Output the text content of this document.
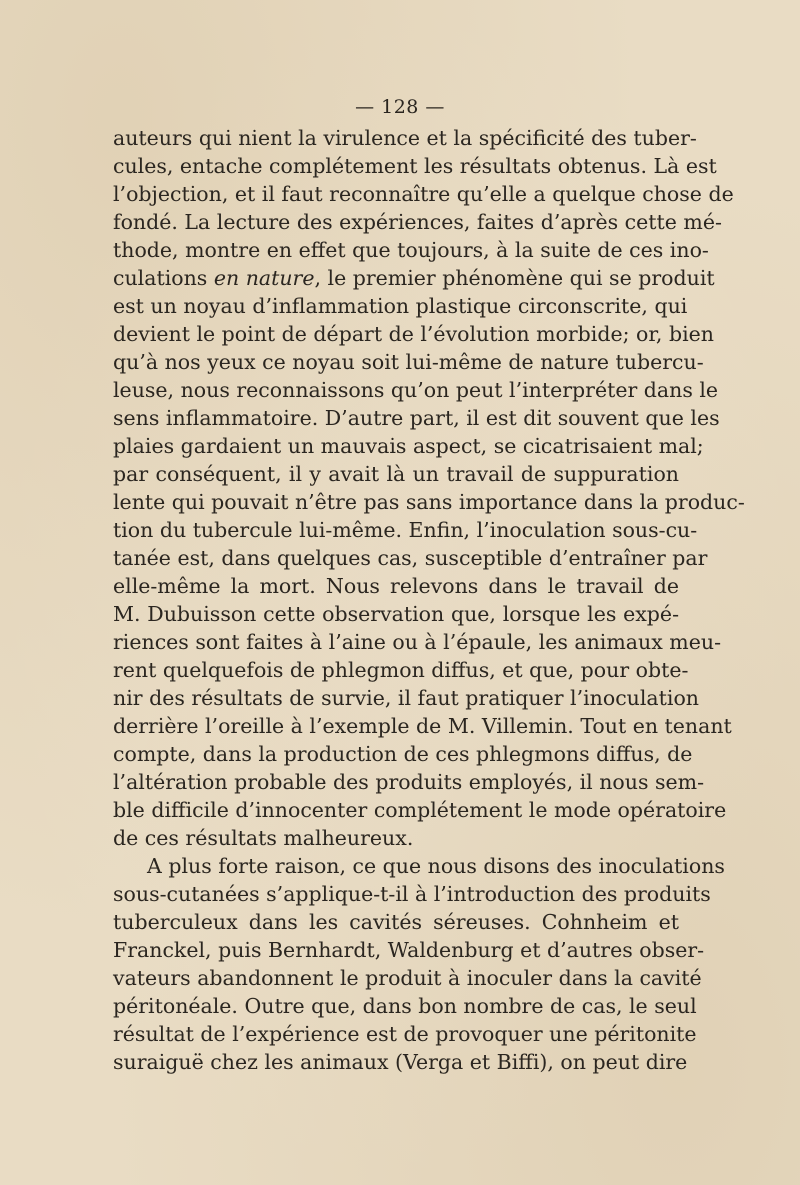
— 128 —
auteurs qui nient la virulence et la spécificité des tuber-
cules, entache complétement les résultats obtenus. Là est
l’objection, et il faut reconnaître qu’elle a quelque chose de
fondé. La lecture des expériences, faites d’après cette mé-
thode, montre en effet que toujours, à la suite de ces ino-
culations en nature, le premier phénomène qui se produit
est un noyau d’inflammation plastique circonscrite, qui
devient le point de départ de l’évolution morbide; or, bien
qu’à nos yeux ce noyau soit lui-même de nature tubercu-
leuse, nous reconnaissons qu’on peut l’interpréter dans le
sens inflammatoire. D’autre part, il est dit souvent que les
plaies gardaient un mauvais aspect, se cicatrisaient mal;
par conséquent, il y avait là un travail de suppuration
lente qui pouvait n’être pas sans importance dans la produc-
tion du tubercule lui-même. Enfin, l’inoculation sous-cu-
tanée est, dans quelques cas, susceptible d’entraîner par
elle-même la mort. Nous relevons dans le travail de
M. Dubuisson cette observation que, lorsque les expé-
riences sont faites à l’aine ou à l’épaule, les animaux meu-
rent quelquefois de phlegmon diffus, et que, pour obte-
nir des résultats de survie, il faut pratiquer l’inoculation
derrière l’oreille à l’exemple de M. Villemin. Tout en tenant
compte, dans la production de ces phlegmons diffus, de
l’altération probable des produits employés, il nous sem-
ble difficile d’innocenter complétement le mode opératoire
de ces résultats malheureux.
A plus forte raison, ce que nous disons des inoculations
sous-cutanées s’applique-t-il à l’introduction des produits
tuberculeux dans les cavités séreuses. Cohnheim et
Franckel, puis Bernhardt, Waldenburg et d’autres obser-
vateurs abandonnent le produit à inoculer dans la cavité
péritonéale. Outre que, dans bon nombre de cas, le seul
résultat de l’expérience est de provoquer une péritonite
suraiguë chez les animaux (Verga et Biffi), on peut dire
